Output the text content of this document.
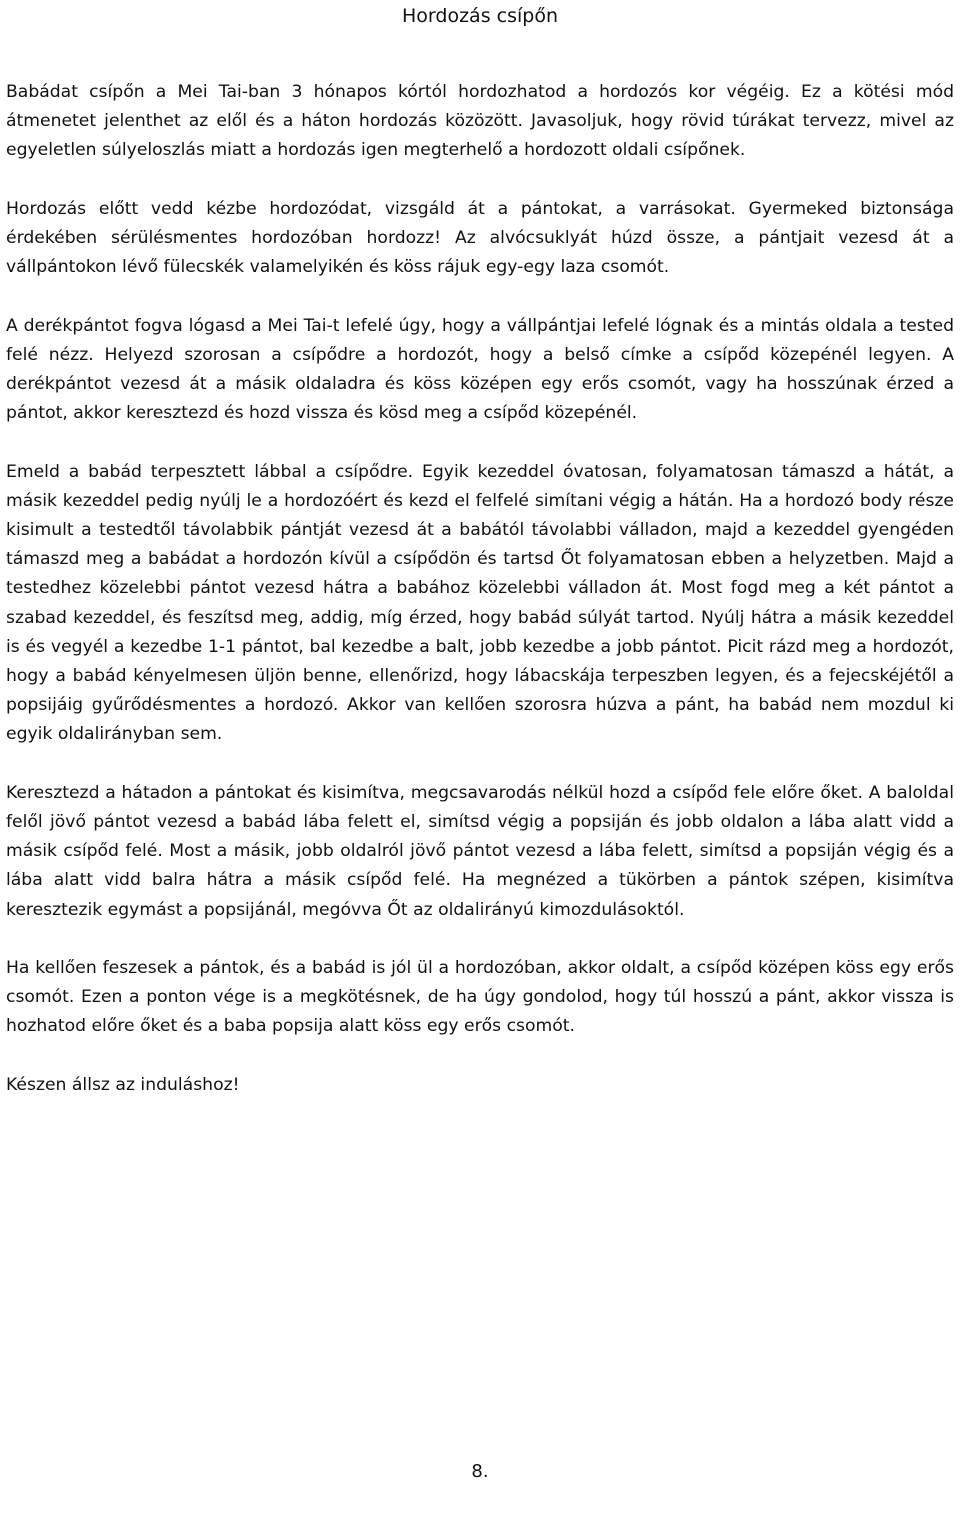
Hordozás csípőn

Babádat csípőn a Mei Tai-ban 3 hónapos kórtól hordozhatod a hordozós kor végéig. Ez a kötési mód átmenetet jelenthet az elől és a háton hordozás közözött. Javasoljuk, hogy rövid túrákat tervezz, mivel az egyeletlen súlyeloszlás miatt a hordozás igen megterhelő a hordozott oldali csípőnek.

Hordozás előtt vedd kézbe hordozódat, vizsgáld át a pántokat, a varrásokat. Gyermeked biztonsága érdekében sérülésmentes hordozóban hordozz! Az alvócsuklyát húzd össze, a pántjait vezesd át a vállpántokon lévő fülecskék valamelyikén és köss rájuk egy-egy laza csomót.

A derékpántot fogva lógasd a Mei Tai-t lefelé úgy, hogy a vállpántjai lefelé lógnak és a mintás oldala a tested felé nézz. Helyezd szorosan a csípődre a hordozót, hogy a belső címke a csípőd közepénél legyen. A derékpántot vezesd át a másik oldaladra és köss középen egy erős csomót, vagy ha hosszúnak érzed a pántot, akkor keresztezd és hozd vissza és kösd meg a csípőd közepénél.

Emeld a babád terpesztett lábbal a csípődre. Egyik kezeddel óvatosan, folyamatosan támaszd a hátát, a másik kezeddel pedig nyúlj le a hordozóért és kezd el felfelé simítani végig a hátán. Ha a hordozó body része kisimult a testedtől távolabbik pántját vezesd át a babától távolabbi válladon, majd a kezeddel gyengéden támaszd meg a babádat a hordozón kívül a csípődön és tartsd Őt folyamatosan ebben a helyzetben. Majd a testedhez közelebbi pántot vezesd hátra a babához közelebbi válladon át. Most fogd meg a két pántot a szabad kezeddel, és feszítsd meg, addig, míg érzed, hogy babád súlyát tartod. Nyúlj hátra a másik kezeddel is és vegyél a kezedbe 1-1 pántot, bal kezedbe a balt, jobb kezedbe a jobb pántot. Picit rázd meg a hordozót, hogy a babád kényelmesen üljön benne, ellenőrizd, hogy lábacskája terpeszben legyen, és a fejecskéjétől a popsijáig gyűrődésmentes a hordozó. Akkor van kellően szorosra húzva a pánt, ha babád nem mozdul ki egyik oldalirányban sem.

Keresztezd a hátadon a pántokat és kisimítva, megcsavarodás nélkül hozd a csípőd fele előre őket. A baloldal felől jövő pántot vezesd a babád lába felett el, simítsd végig a popsiján és jobb oldalon a lába alatt vidd a másik csípőd felé. Most a másik, jobb oldalról jövő pántot vezesd a lába felett, simítsd a popsiján végig és a lába alatt vidd balra hátra a másik csípőd felé. Ha megnézed a tükörben a pántok szépen, kisimítva keresztezik egymást a popsijánál, megóvva Őt az oldalirányú kimozdulásoktól.

Ha kellően feszesek a pántok, és a babád is jól ül a hordozóban, akkor oldalt, a csípőd középen köss egy erős csomót. Ezen a ponton vége is a megkötésnek, de ha úgy gondolod, hogy túl hosszú a pánt, akkor vissza is hozhatod előre őket és a baba popsija alatt köss egy erős csomót.

Készen állsz az induláshoz!

8.
